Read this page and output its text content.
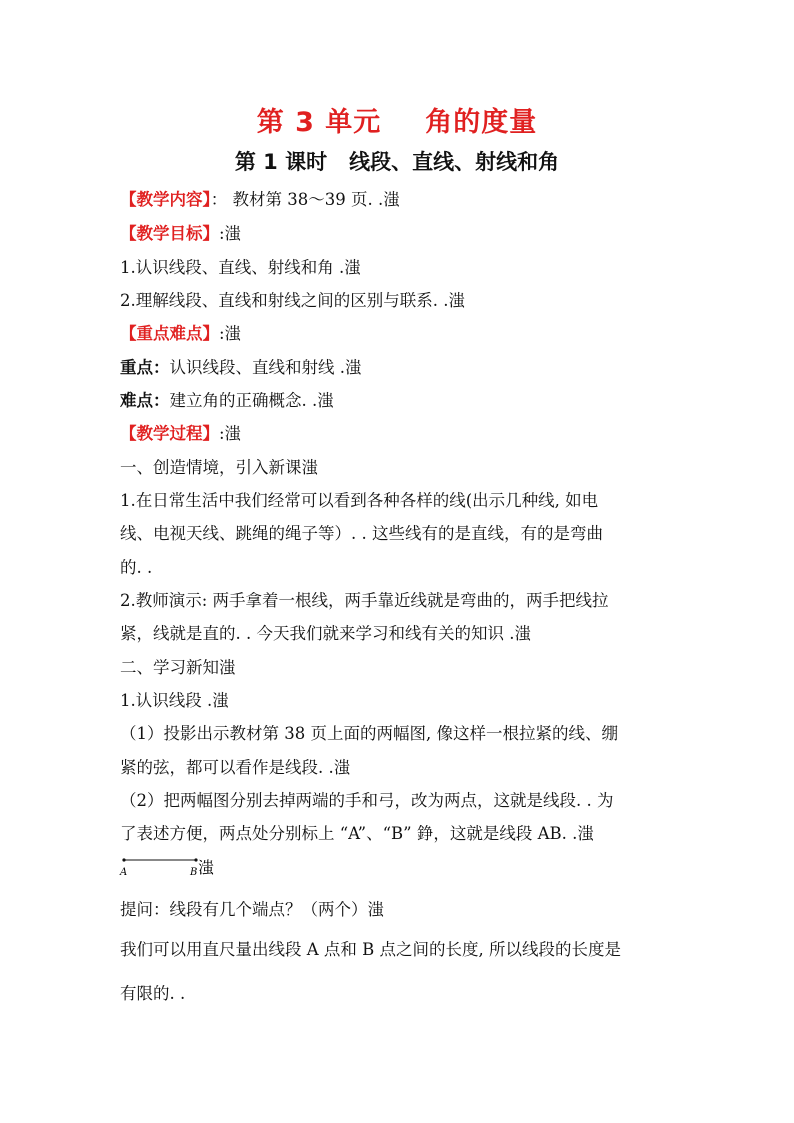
第 3 单元 角的度量
第 1 课时 线段、直线、射线和角
【教学内容】： 教材第 38～39 页. .滍
【教学目标】:滍
1.认识线段、直线、射线和角 .滍
2.理解线段、直线和射线之间的区别与联系. .滍
【重点难点】:滍
重点：认识线段、直线和射线 .滍
难点：建立角的正确概念. .滍
【教学过程】:滍
一、创造情境，引入新课滍
1.在日常生活中我们经常可以看到各种各样的线(出示几种线, 如电
线、电视天线、跳绳的绳子等）. . 这些线有的是直线，有的是弯曲
的. .
2.教师演示: 两手拿着一根线，两手靠近线就是弯曲的，两手把线拉
紧，线就是直的. . 今天我们就来学习和线有关的知识 .滍
二、学习新知滍
1.认识线段 .滍
（1）投影出示教材第 38 页上面的两幅图, 像这样一根拉紧的线、绷
紧的弦，都可以看作是线段. .滍
（2）把两幅图分别去掉两端的手和弓，改为两点，这就是线段. . 为
了表述方便，两点处分别标上 “A”、“B” 錚，这就是线段 AB. .滍
A	B 滍
提问：线段有几个端点？（两个）滍
我们可以用直尺量出线段 A 点和 B 点之间的长度, 所以线段的长度是
有限的. .
